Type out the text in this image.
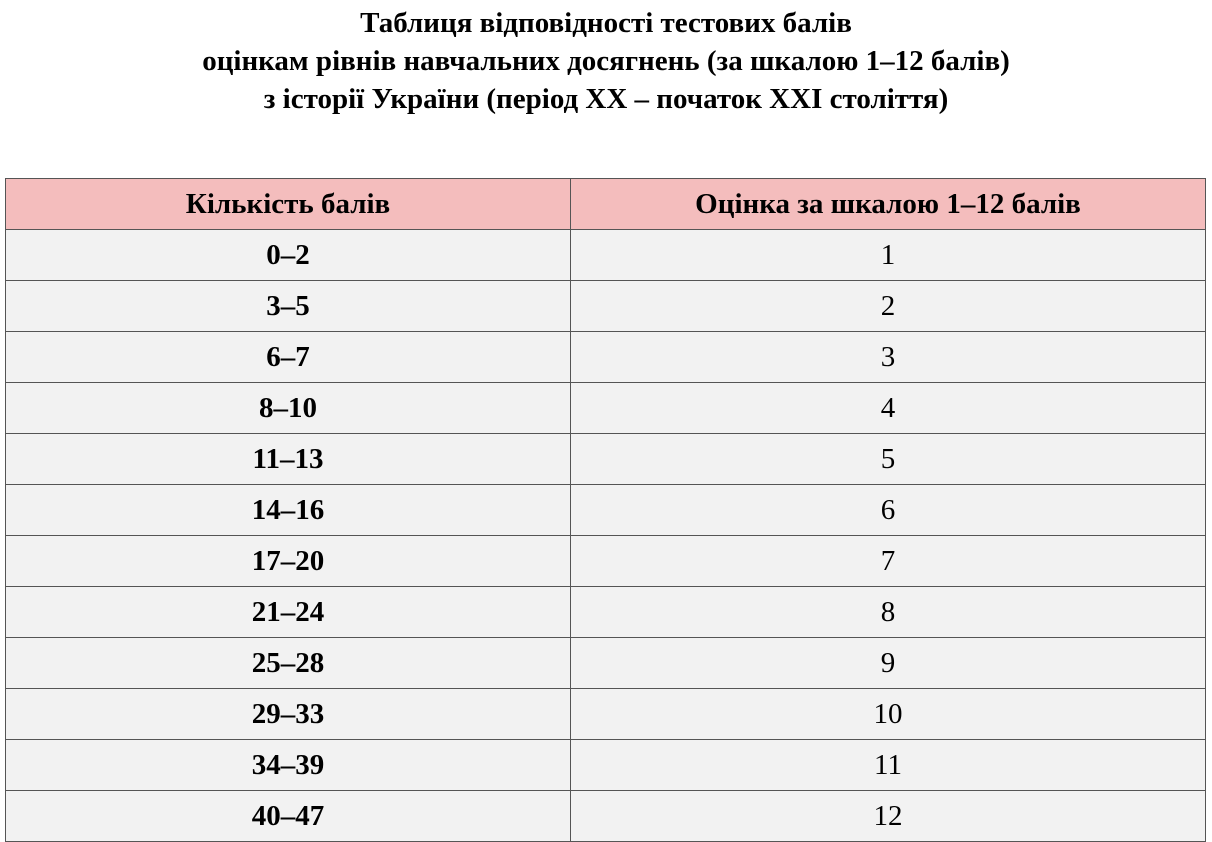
Таблиця відповідності тестових балів
оцінкам рівнів навчальних досягнень (за шкалою 1–12 балів)
з історії України (період XX – початок XXI століття)
Кількість балів	Оцінка за шкалою 1–12 балів
0–2	1
3–5	2
6–7	3
8–10	4
11–13	5
14–16	6
17–20	7
21–24	8
25–28	9
29–33	10
34–39	11
40–47	12
